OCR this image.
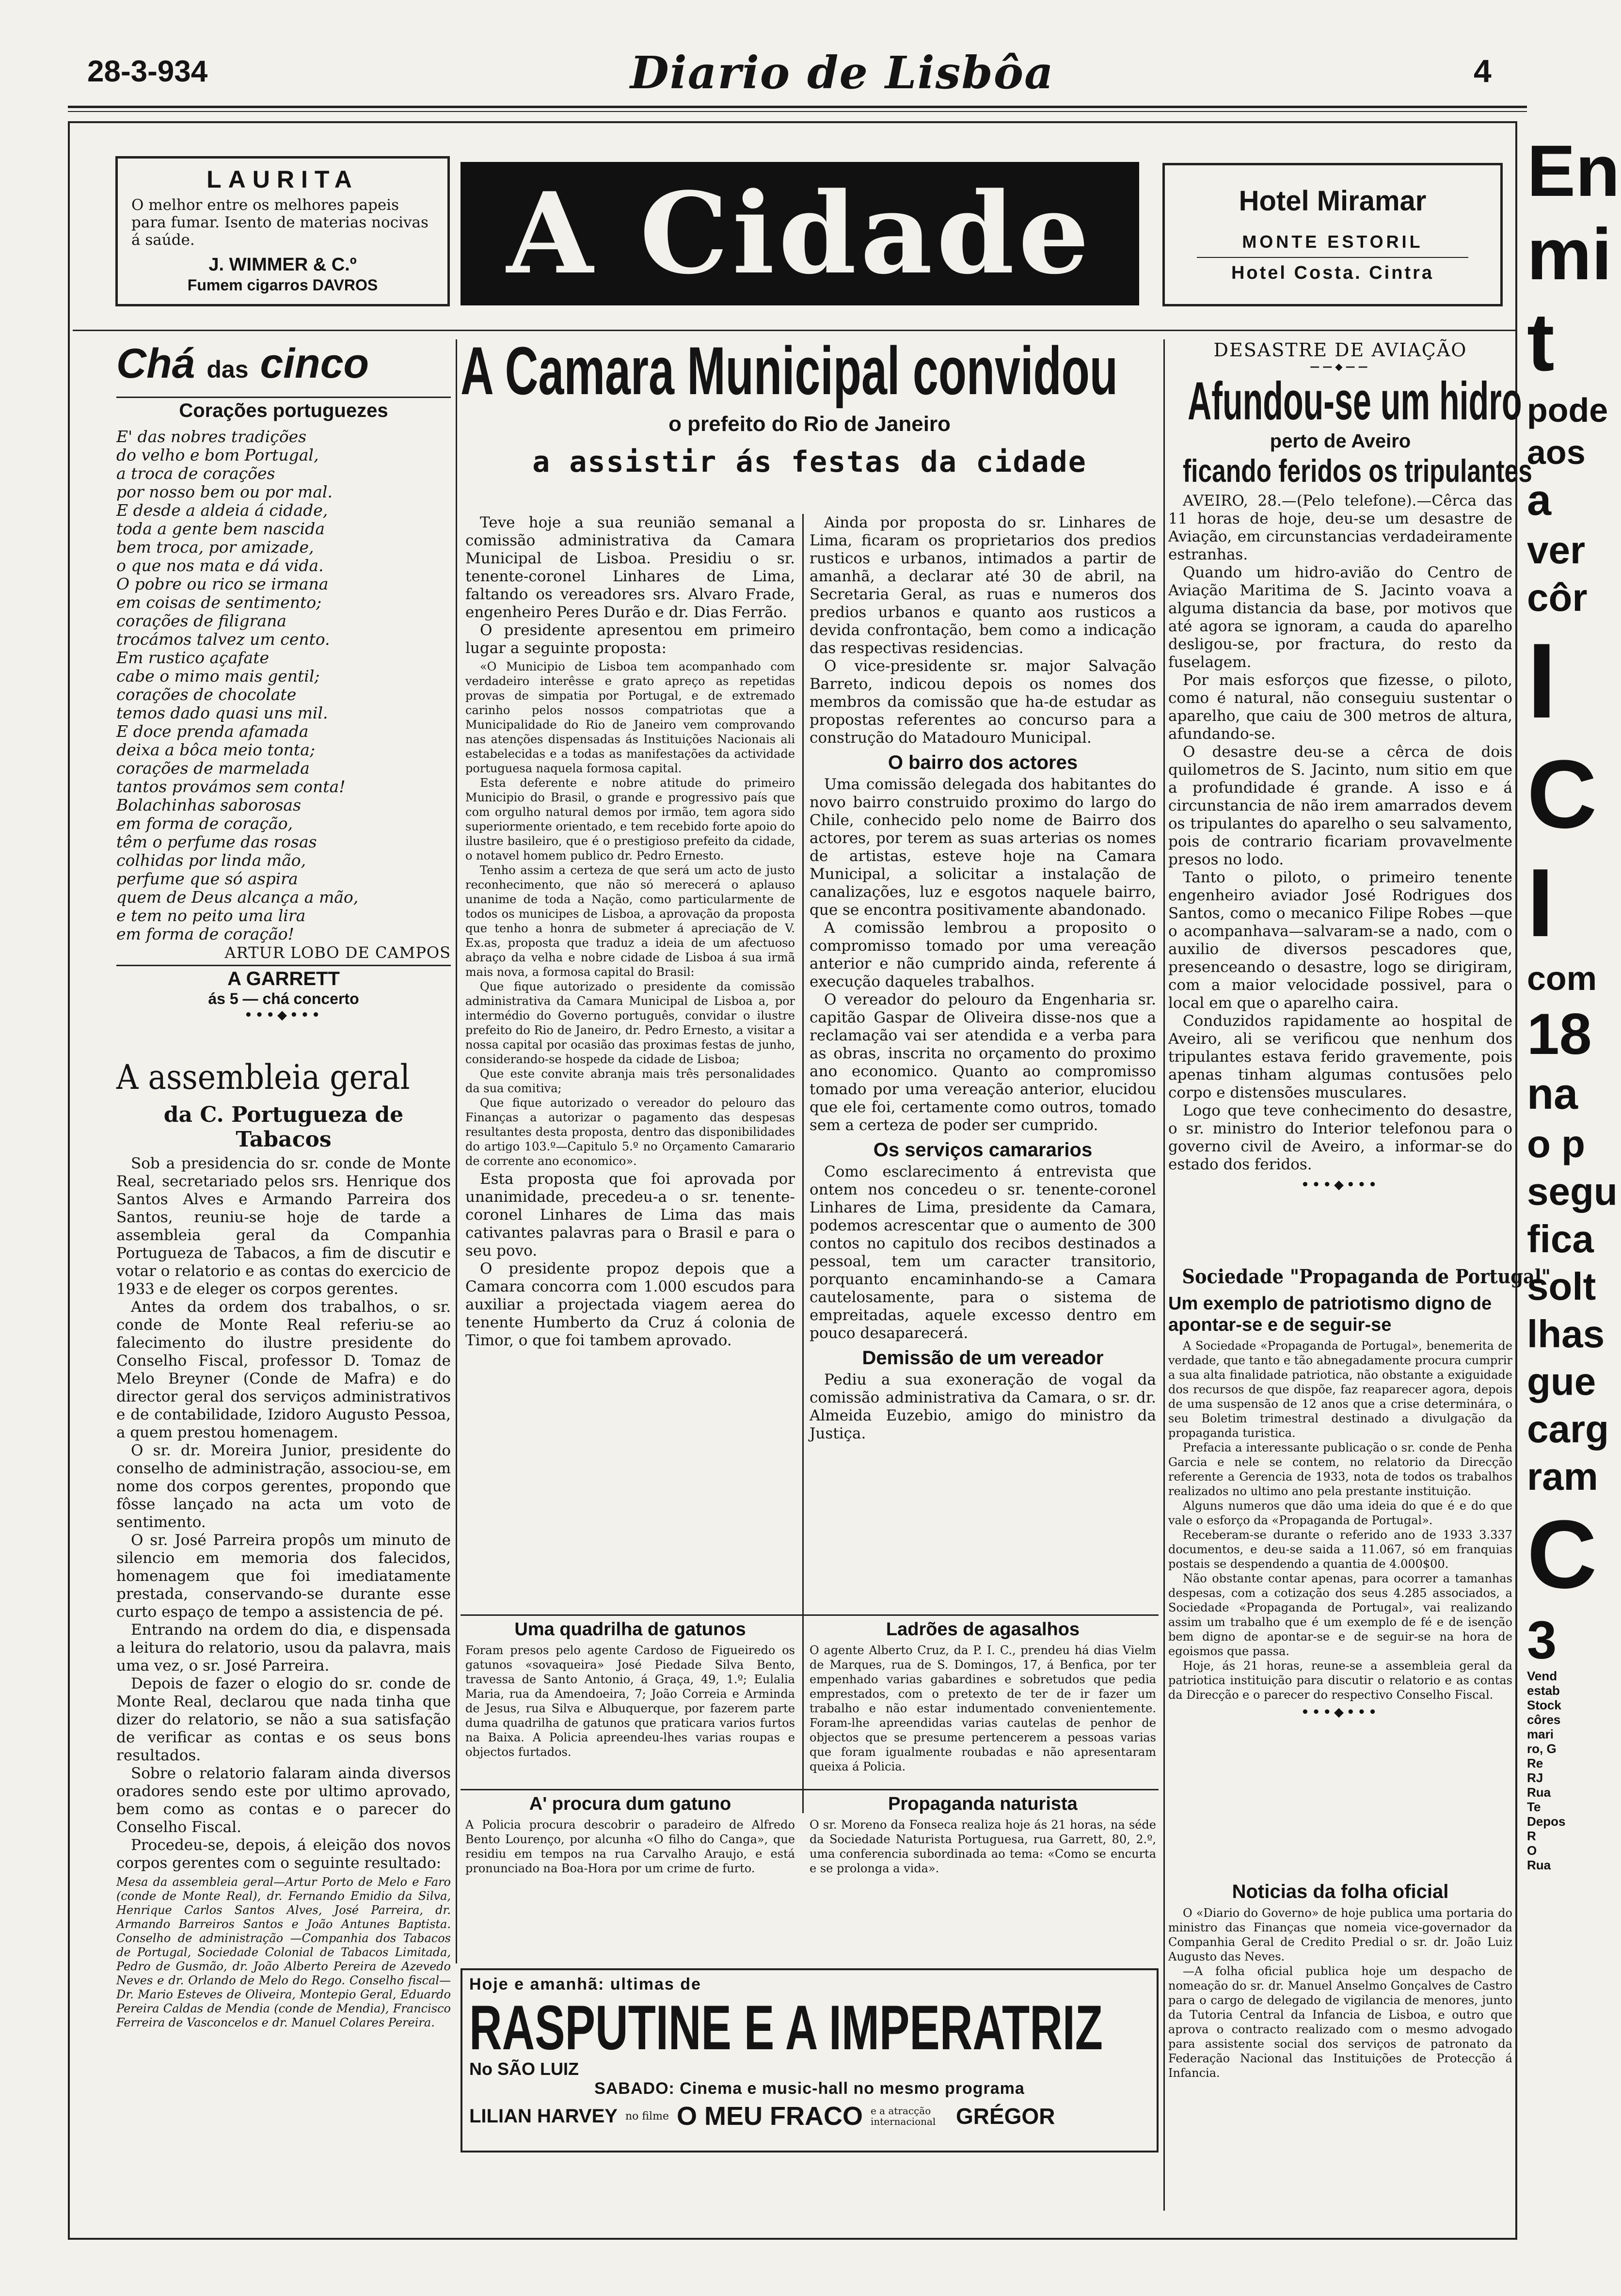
28-3-934	Diario de Lisbôa	4
LAURITA
O melhor entre os melhores papeis para fumar. Isento de materias nocivas á saúde.
J. WIMMER & C.º
Fumem cigarros DAVROS	A Cidade	Hotel Miramar
MONTE ESTORIL
Hotel Costa. Cintra
Chá das cinco
Corações portuguezes
E' das nobres tradições
do velho e bom Portugal,
a troca de corações
por nosso bem ou por mal.
E desde a aldeia á cidade,
toda a gente bem nascida
bem troca, por amizade,
o que nos mata e dá vida.
O pobre ou rico se irmana
em coisas de sentimento;
corações de filigrana
trocámos talvez um cento.
Em rustico açafate
cabe o mimo mais gentil;
corações de chocolate
temos dado quasi uns mil.
E doce prenda afamada
deixa a bôca meio tonta;
corações de marmelada
tantos provámos sem conta!
Bolachinhas saborosas
em forma de coração,
têm o perfume das rosas
colhidas por linda mão,
perfume que só aspira
quem de Deus alcança a mão,
e tem no peito uma lira
em forma de coração!
ARTUR LOBO DE CAMPOS
A GARRETT
ás 5 — chá concerto
•••◆•••
A assembleia geral
da C. Portugueza de Tabacos

Sob a presidencia do sr. conde de Monte Real, secretariado pelos srs. Henrique dos Santos Alves e Armando Parreira dos Santos, reuniu-se hoje de tarde a assembleia geral da Companhia Portugueza de Tabacos, a fim de discutir e votar o relatorio e as contas do exercicio de 1933 e de eleger os corpos gerentes.

Antes da ordem dos trabalhos, o sr. conde de Monte Real referiu-se ao falecimento do ilustre presidente do Conselho Fiscal, professor D. Tomaz de Melo Breyner (Conde de Mafra) e do director geral dos serviços administrativos e de contabilidade, Izidoro Augusto Pessoa, a quem prestou homenagem.

O sr. dr. Moreira Junior, presidente do conselho de administração, associou-se, em nome dos corpos gerentes, propondo que fôsse lançado na acta um voto de sentimento.

O sr. José Parreira propôs um minuto de silencio em memoria dos falecidos, homenagem que foi imediatamente prestada, conservando-se durante esse curto espaço de tempo a assistencia de pé.

Entrando na ordem do dia, e dispensada a leitura do relatorio, usou da palavra, mais uma vez, o sr. José Parreira.

Depois de fazer o elogio do sr. conde de Monte Real, declarou que nada tinha que dizer do relatorio, se não a sua satisfação de verificar as contas e os seus bons resultados.

Sobre o relatorio falaram ainda diversos oradores sendo este por ultimo aprovado, bem como as contas e o parecer do Conselho Fiscal.

Procedeu-se, depois, á eleição dos novos corpos gerentes com o seguinte resultado:

Mesa da assembleia geral—Artur Porto de Melo e Faro (conde de Monte Real), dr. Fernando Emidio da Silva, Henrique Carlos Santos Alves, José Parreira, dr. Armando Barreiros Santos e João Antunes Baptista. Conselho de administração —Companhia dos Tabacos de Portugal, Sociedade Colonial de Tabacos Limitada, Pedro de Gusmão, dr. João Alberto Pereira de Azevedo Neves e dr. Orlando de Melo do Rego. Conselho fiscal—Dr. Mario Esteves de Oliveira, Montepio Geral, Eduardo Pereira Caldas de Mendia (conde de Mendia), Francisco Ferreira de Vasconcelos e dr. Manuel Colares Pereira.
A Camara Municipal convidou
o prefeito do Rio de Janeiro
a assistir ás festas da cidade

Teve hoje a sua reunião semanal a comissão administrativa da Camara Municipal de Lisboa. Presidiu o sr. tenente-coronel Linhares de Lima, faltando os vereadores srs. Alvaro Frade, engenheiro Peres Durão e dr. Dias Ferrão.

O presidente apresentou em primeiro lugar a seguinte proposta:

«O Municipio de Lisboa tem acompanhado com verdadeiro interêsse e grato apreço as repetidas provas de simpatia por Portugal, e de extremado carinho pelos nossos compatriotas que a Municipalidade do Rio de Janeiro vem comprovando nas atenções dispensadas ás Instituições Nacionais ali estabelecidas e a todas as manifestações da actividade portuguesa naquela formosa capital.

Esta deferente e nobre atitude do primeiro Municipio do Brasil, o grande e progressivo país que com orgulho natural demos por irmão, tem agora sido superiormente orientado, e tem recebido forte apoio do ilustre basileiro, que é o prestigioso prefeito da cidade, o notavel homem publico dr. Pedro Ernesto.

Tenho assim a certeza de que será um acto de justo reconhecimento, que não só merecerá o aplauso unanime de toda a Nação, como particularmente de todos os municipes de Lisboa, a aprovação da proposta que tenho a honra de submeter á apreciação de V. Ex.as, proposta que traduz a ideia de um afectuoso abraço da velha e nobre cidade de Lisboa á sua irmã mais nova, a formosa capital do Brasil:

Que fique autorizado o presidente da comissão administrativa da Camara Municipal de Lisboa a, por intermédio do Governo português, convidar o ilustre prefeito do Rio de Janeiro, dr. Pedro Ernesto, a visitar a nossa capital por ocasião das proximas festas de junho, considerando-se hospede da cidade de Lisboa;

Que este convite abranja mais três personalidades da sua comitiva;

Que fique autorizado o vereador do pelouro das Finanças a autorizar o pagamento das despesas resultantes desta proposta, dentro das disponibilidades do artigo 103.º—Capitulo 5.º no Orçamento Camarario de corrente ano economico».

Esta proposta que foi aprovada por unanimidade, precedeu-a o sr. tenente-coronel Linhares de Lima das mais cativantes palavras para o Brasil e para o seu povo.

O presidente propoz depois que a Camara concorra com 1.000 escudos para auxiliar a projectada viagem aerea do tenente Humberto da Cruz á colonia de Timor, o que foi tambem aprovado.

Ainda por proposta do sr. Linhares de Lima, ficaram os proprietarios dos predios rusticos e urbanos, intimados a partir de amanhã, a declarar até 30 de abril, na Secretaria Geral, as ruas e numeros dos predios urbanos e quanto aos rusticos a devida confrontação, bem como a indicação das respectivas residencias.

O vice-presidente sr. major Salvação Barreto, indicou depois os nomes dos membros da comissão que ha-de estudar as propostas referentes ao concurso para a construção do Matadouro Municipal.

O bairro dos actores

Uma comissão delegada dos habitantes do novo bairro construido proximo do largo do Chile, conhecido pelo nome de Bairro dos actores, por terem as suas arterias os nomes de artistas, esteve hoje na Camara Municipal, a solicitar a instalação de canalizações, luz e esgotos naquele bairro, que se encontra positivamente abandonado.

A comissão lembrou a proposito o compromisso tomado por uma vereação anterior e não cumprido ainda, referente á execução daqueles trabalhos.

O vereador do pelouro da Engenharia sr. capitão Gaspar de Oliveira disse-nos que a reclamação vai ser atendida e a verba para as obras, inscrita no orçamento do proximo ano economico. Quanto ao compromisso tomado por uma vereação anterior, elucidou que ele foi, certamente como outros, tomado sem a certeza de poder ser cumprido.

Os serviços camararios

Como esclarecimento á entrevista que ontem nos concedeu o sr. tenente-coronel Linhares de Lima, presidente da Camara, podemos acrescentar que o aumento de 300 contos no capitulo dos recibos destinados a pessoal, tem um caracter transitorio, porquanto encaminhando-se a Camara cautelosamente, para o sistema de empreitadas, aquele excesso dentro em pouco desaparecerá.

Demissão de um vereador

Pediu a sua exoneração de vogal da comissão administrativa da Camara, o sr. dr. Almeida Euzebio, amigo do ministro da Justiça.

Uma quadrilha de gatunos
Foram presos pelo agente Cardoso de Figueiredo os gatunos «sovaqueira» José Piedade Silva Bento, travessa de Santo Antonio, á Graça, 49, 1.º; Eulalia Maria, rua da Amendoeira, 7; João Correia e Arminda de Jesus, rua Silva e Albuquerque, por fazerem parte duma quadrilha de gatunos que praticara varios furtos na Baixa. A Policia apreendeu-lhes varias roupas e objectos furtados.
Ladrões de agasalhos
O agente Alberto Cruz, da P. I. C., prendeu há dias Vielm de Marques, rua de S. Domingos, 17, á Benfica, por ter empenhado varias gabardines e sobretudos que pedia emprestados, com o pretexto de ter de ir fazer um trabalho e não estar indumentado convenientemente. Foram-lhe apreendidas varias cautelas de penhor de objectos que se presume pertencerem a pessoas varias que foram igualmente roubadas e não apresentaram queixa á Policia.
A' procura dum gatuno
A Policia procura descobrir o paradeiro de Alfredo Bento Lourenço, por alcunha «O filho do Canga», que residiu em tempos na rua Carvalho Araujo, e está pronunciado na Boa-Hora por um crime de furto.
Propaganda naturista
O sr. Moreno da Fonseca realiza hoje ás 21 horas, na séde da Sociedade Naturista Portuguesa, rua Garrett, 80, 2.º, uma conferencia subordinada ao tema: «Como se encurta e se prolonga a vida».
Hoje e amanhã: ultimas de
RASPUTINE E A IMPERATRIZ
No SÃO LUIZ
SABADO: Cinema e music-hall no mesmo programa
LILIAN HARVEY no filme O MEU FRACO e a atracção internacional GRÉGOR
DESASTRE DE AVIAÇÃO
——◆——
Afundou-se um hidro
perto de Aveiro
ficando feridos os tripulantes

AVEIRO, 28.—(Pelo telefone).—Cêrca das 11 horas de hoje, deu-se um desastre de Aviação, em circunstancias verdadeiramente estranhas.

Quando um hidro-avião do Centro de Aviação Maritima de S. Jacinto voava a alguma distancia da base, por motivos que até agora se ignoram, a cauda do aparelho desligou-se, por fractura, do resto da fuselagem.

Por mais esforços que fizesse, o piloto, como é natural, não conseguiu sustentar o aparelho, que caiu de 300 metros de altura, afundando-se.

O desastre deu-se a cêrca de dois quilometros de S. Jacinto, num sitio em que a profundidade é grande. A isso e á circunstancia de não irem amarrados devem os tripulantes do aparelho o seu salvamento, pois de contrario ficariam provavelmente presos no lodo.

Tanto o piloto, o primeiro tenente engenheiro aviador José Rodrigues dos Santos, como o mecanico Filipe Robes —que o acompanhava—salvaram-se a nado, com o auxilio de diversos pescadores que, presenceando o desastre, logo se dirigiram, com a maior velocidade possivel, para o local em que o aparelho caira.

Conduzidos rapidamente ao hospital de Aveiro, ali se verificou que nenhum dos tripulantes estava ferido gravemente, pois apenas tinham algumas contusões pelo corpo e distensões musculares.

Logo que teve conhecimento do desastre, o sr. ministro do Interior telefonou para o governo civil de Aveiro, a informar-se do estado dos feridos.

•••◆•••
Sociedade "Propaganda de Portugal"
Um exemplo de patriotismo digno de apontar-se e de seguir-se

A Sociedade «Propaganda de Portugal», benemerita de verdade, que tanto e tão abnegadamente procura cumprir a sua alta finalidade patriotica, não obstante a exiguidade dos recursos de que dispõe, faz reaparecer agora, depois de uma suspensão de 12 anos que a crise determinára, o seu Boletim trimestral destinado a divulgação da propaganda turistica.

Prefacia a interessante publicação o sr. conde de Penha Garcia e nele se contem, no relatorio da Direcção referente a Gerencia de 1933, nota de todos os trabalhos realizados no ultimo ano pela prestante instituição.

Alguns numeros que dão uma ideia do que é e do que vale o esforço da «Propaganda de Portugal».

Receberam-se durante o referido ano de 1933 3.337 documentos, e deu-se saida a 11.067, só em franquias postais se despendendo a quantia de 4.000$00.

Não obstante contar apenas, para ocorrer a tamanhas despesas, com a cotização dos seus 4.285 associados, a Sociedade «Propaganda de Portugal», vai realizando assim um trabalho que é um exemplo de fé e de isenção bem digno de apontar-se e de seguir-se na hora de egoismos que passa.

Hoje, ás 21 horas, reune-se a assembleia geral da patriotica instituição para discutir o relatorio e as contas da Direcção e o parecer do respectivo Conselho Fiscal.

•••◆•••
Noticias da folha oficial

O «Diario do Governo» de hoje publica uma portaria do ministro das Finanças que nomeia vice-governador da Companhia Geral de Credito Predial o sr. dr. João Luiz Augusto das Neves.

—A folha oficial publica hoje um despacho de nomeação do sr. dr. Manuel Anselmo Gonçalves de Castro para o cargo de delegado de vigilancia de menores, junto da Tutoria Central da Infancia de Lisboa, e outro que aprova o contracto realizado com o mesmo advogado para assistente social dos serviços de patronato da Federação Nacional das Instituições de Protecção á Infancia.

En
mi
t
pode
aos
a
ver
côr
I
C
I
com
18
na
o p
segu
fica
solt
lhas
gue
carg
ram
C
3
Vend
estab
Stock
côres
mari
ro, G
Re
RJ
Rua
Te
Depos
R
O
Rua
